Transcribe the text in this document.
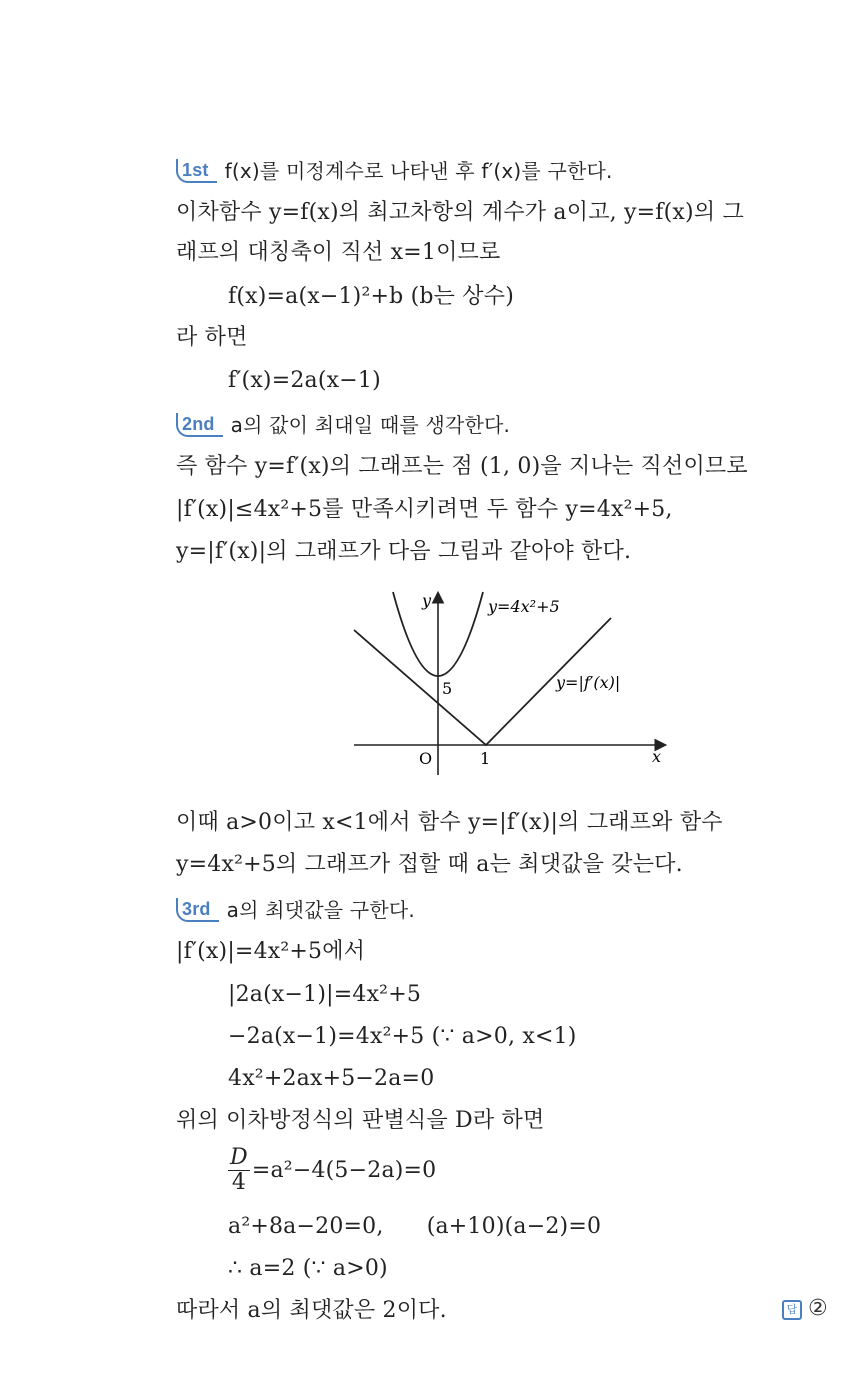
1st f(x)를 미정계수로 나타낸 후 f′(x)를 구한다.
이차함수 y=f(x)의 최고차항의 계수가 a이고, y=f(x)의 그
래프의 대칭축이 직선 x=1이므로
f(x)=a(x−1)²+b (b는 상수)
라 하면
f′(x)=2a(x−1)
2nd a의 값이 최대일 때를 생각한다.
즉 함수 y=f′(x)의 그래프는 점 (1, 0)을 지나는 직선이므로
|f′(x)|≤4x²+5를 만족시키려면 두 함수 y=4x²+5,
y=|f′(x)|의 그래프가 다음 그림과 같아야 한다.
y
x
O	1
5
y=4x²+5
y=|f′(x)|
이때 a>0이고 x<1에서 함수 y=|f′(x)|의 그래프와 함수
y=4x²+5의 그래프가 접할 때 a는 최댓값을 갖는다.
3rd a의 최댓값을 구한다.
|f′(x)|=4x²+5에서
|2a(x−1)|=4x²+5
−2a(x−1)=4x²+5 (∵ a>0, x<1)
4x²+2ax+5−2a=0
위의 이차방정식의 판별식을 D라 하면
$\frac{D}{4} =a^2-4(5-2a)=0$
a²+8a−20=0,      (a+10)(a−2)=0
∴ a=2 (∵ a>0)
따라서 a의 최댓값은 2이다.	답 ②
